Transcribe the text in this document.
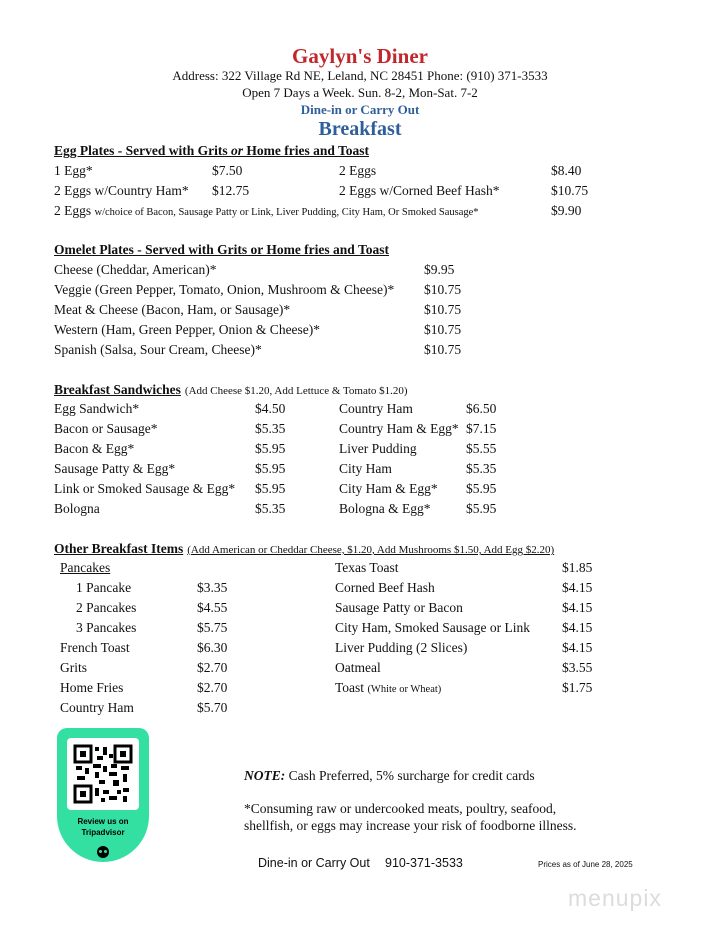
Gaylyn's Diner
Address: 322 Village Rd NE, Leland, NC 28451 Phone: (910) 371-3533
Open 7 Days a Week. Sun. 8-2, Mon-Sat. 7-2
Dine-in or Carry Out
Breakfast
Egg Plates - Served with Grits or Home fries and Toast
1 Egg*	$7.50	2 Eggs	$8.40
2 Eggs w/Country Ham* $12.75	2 Eggs w/Corned Beef Hash*	$10.75
2 Eggs w/choice of Bacon, Sausage Patty or Link, Liver Pudding, City Ham, Or Smoked Sausage*	$9.90
Omelet Plates - Served with Grits or Home fries and Toast
Cheese (Cheddar, American)*	$9.95
Veggie (Green Pepper, Tomato, Onion, Mushroom & Cheese)* $10.75
Meat & Cheese (Bacon, Ham, or Sausage)*	$10.75
Western (Ham, Green Pepper, Onion & Cheese)*	$10.75
Spanish (Salsa, Sour Cream, Cheese)*	$10.75
Breakfast Sandwiches (Add Cheese $1.20, Add Lettuce & Tomato $1.20)
Egg Sandwich*	$4.50	Country Ham	$6.50
Bacon or Sausage*	$5.35	Country Ham & Egg* $7.15
Bacon & Egg*	$5.95	Liver Pudding	$5.55
Sausage Patty & Egg*	$5.95	City Ham	$5.35
Link or Smoked Sausage & Egg* $5.95	City Ham & Egg* $5.95
Bologna	$5.35	Bologna & Egg*	$5.95
Other Breakfast Items (Add American or Cheddar Cheese, $1.20, Add Mushrooms $1.50, Add Egg $2.20)
Pancakes
1 Pancake	$3.35
2 Pancakes	$4.55
3 Pancakes	$5.75
French Toast	$6.30
Grits	$2.70
Home Fries	$2.70
Country Ham	$5.70
Texas Toast	$1.85
Corned Beef Hash	$4.15
Sausage Patty or Bacon	$4.15
City Ham, Smoked Sausage or Link $4.15
Liver Pudding (2 Slices)	$4.15
Oatmeal	$3.55
Toast (White or Wheat)	$1.75
Review us on
Tripadvisor
NOTE: Cash Preferred, 5% surcharge for credit cards
*Consuming raw or undercooked meats, poultry, seafood,
shellfish, or eggs may increase your risk of foodborne illness.
Dine-in or Carry Out 910-371-3533	Prices as of June 28, 2025
menupix
